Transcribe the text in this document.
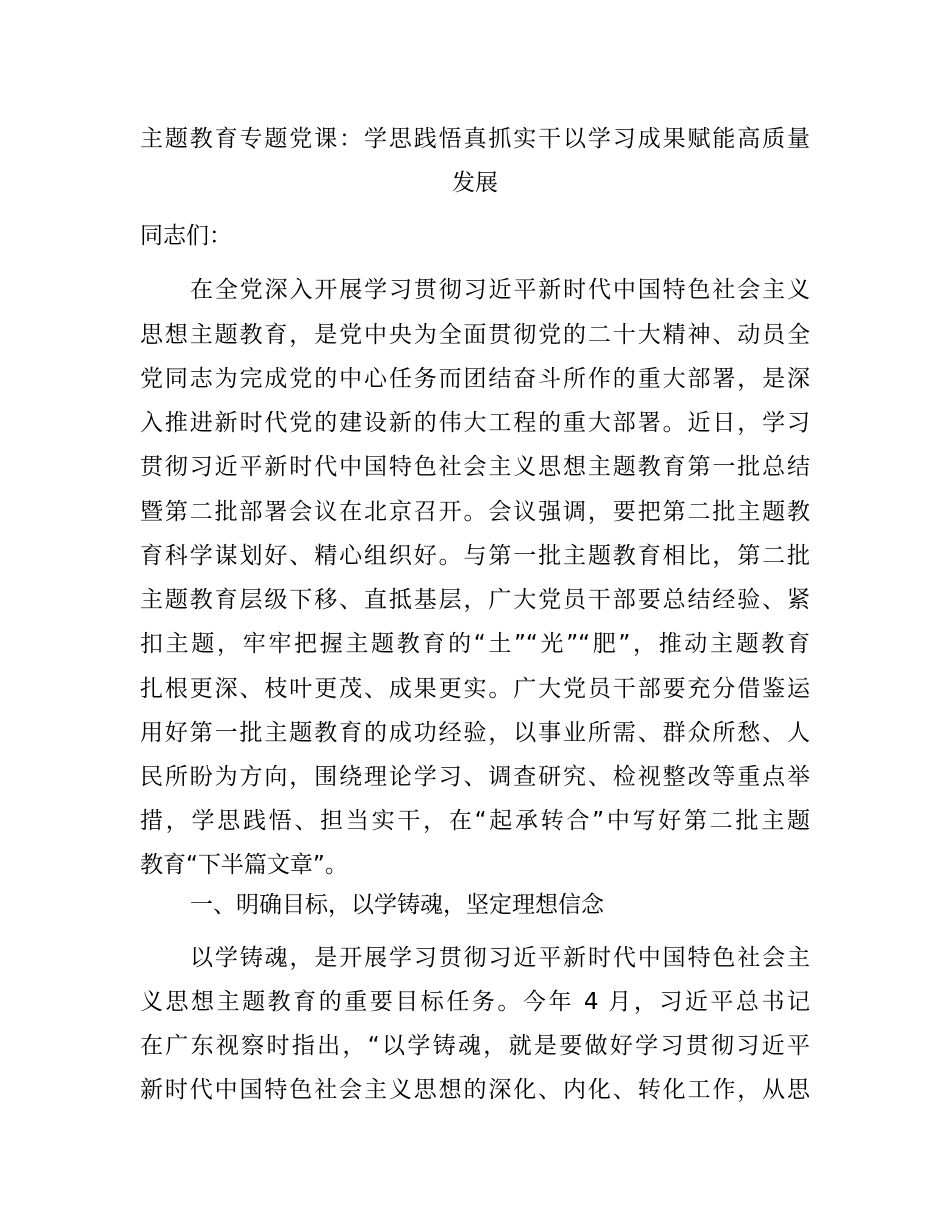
主题教育专题党课：学思践悟真抓实干以学习成果赋能高质量
发展
同志们：
在全党深入开展学习贯彻习近平新时代中国特色社会主义
思想主题教育，是党中央为全面贯彻党的二十大精神、动员全
党同志为完成党的中心任务而团结奋斗所作的重大部署，是深
入推进新时代党的建设新的伟大工程的重大部署。近日，学习
贯彻习近平新时代中国特色社会主义思想主题教育第一批总结
暨第二批部署会议在北京召开。会议强调，要把第二批主题教
育科学谋划好、精心组织好。与第一批主题教育相比，第二批
主题教育层级下移、直抵基层，广大党员干部要总结经验、紧
扣主题，牢牢把握主题教育的“土”“光”“肥”，推动主题教育
扎根更深、枝叶更茂、成果更实。广大党员干部要充分借鉴运
用好第一批主题教育的成功经验，以事业所需、群众所愁、人
民所盼为方向，围绕理论学习、调查研究、检视整改等重点举
措，学思践悟、担当实干，在“起承转合”中写好第二批主题
教育“下半篇文章”。
一、明确目标，以学铸魂，坚定理想信念
以学铸魂，是开展学习贯彻习近平新时代中国特色社会主
义思想主题教育的重要目标任务。今年 4 月，习近平总书记
在广东视察时指出，“以学铸魂，就是要做好学习贯彻习近平
新时代中国特色社会主义思想的深化、内化、转化工作，从思
